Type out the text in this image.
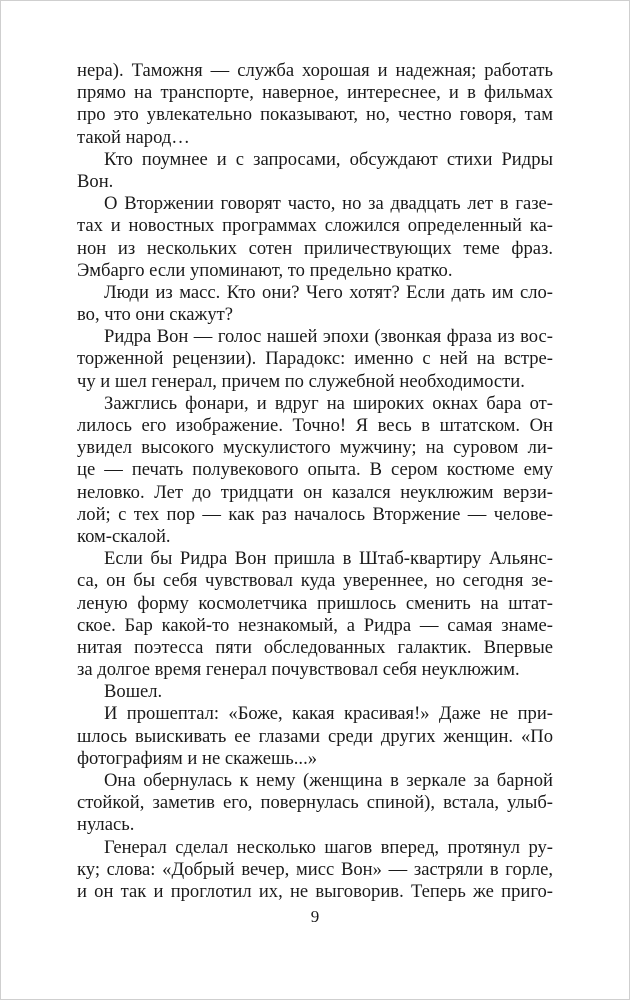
нера). Таможня — служба хорошая и надежная; работать
прямо на транспорте, наверное, интереснее, и в фильмах
про это увлекательно показывают, но, честно говоря, там
такой народ…
Кто поумнее и с запросами, обсуждают стихи Ридры
Вон.
О Вторжении говорят часто, но за двадцать лет в газе-
тах и новостных программах сложился определенный ка-
нон из нескольких сотен приличествующих теме фраз.
Эмбарго если упоминают, то предельно кратко.
Люди из масс. Кто они? Чего хотят? Если дать им сло-
во, что они скажут?
Ридра Вон — голос нашей эпохи (звонкая фраза из вос-
торженной рецензии). Парадокс: именно с ней на встре-
чу и шел генерал, причем по служебной необходимости.
Зажглись фонари, и вдруг на широких окнах бара от-
лилось его изображение. Точно! Я весь в штатском. Он
увидел высокого мускулистого мужчину; на суровом ли-
це — печать полувекового опыта. В сером костюме ему
неловко. Лет до тридцати он казался неуклюжим верзи-
лой; с тех пор — как раз началось Вторжение — челове-
ком-скалой.
Если бы Ридра Вон пришла в Штаб-квартиру Альянс-
са, он бы себя чувствовал куда увереннее, но сегодня зе-
леную форму космолетчика пришлось сменить на штат-
ское. Бар какой-то незнакомый, а Ридра — самая знаме-
нитая поэтесса пяти обследованных галактик. Впервые
за долгое время генерал почувствовал себя неуклюжим.
Вошел.
И прошептал: «Боже, какая красивая!» Даже не при-
шлось выискивать ее глазами среди других женщин. «По
фотографиям и не скажешь...»
Она обернулась к нему (женщина в зеркале за барной
стойкой, заметив его, повернулась спиной), встала, улыб-
нулась.
Генерал сделал несколько шагов вперед, протянул ру-
ку; слова: «Добрый вечер, мисс Вон» — застряли в горле,
и он так и проглотил их, не выговорив. Теперь же приго-
9
